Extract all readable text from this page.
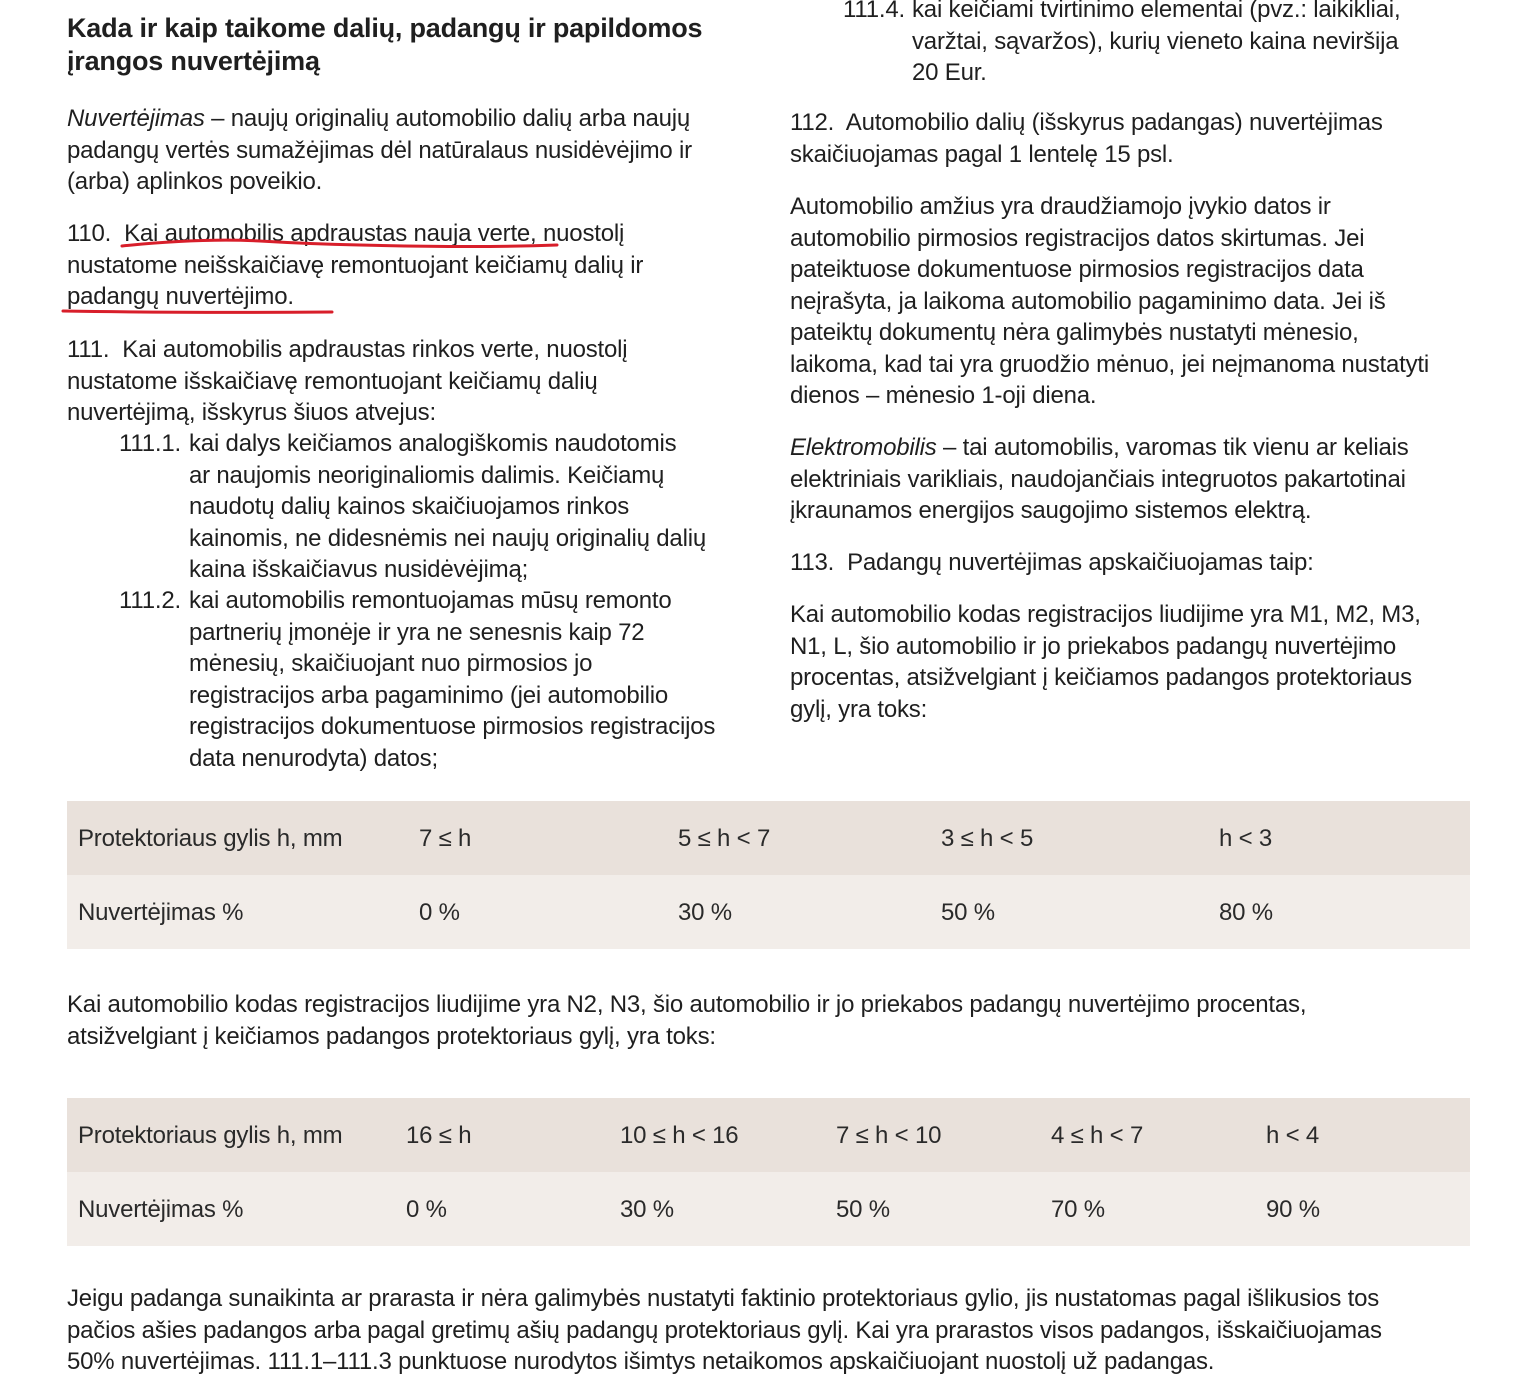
Kada ir kaip taikome dalių, padangų ir papildomos
įrangos nuvertėjimą
Nuvertėjimas – naujų originalių automobilio dalių arba naujų
padangų vertės sumažėjimas dėl natūralaus nusidėvėjimo ir
(arba) aplinkos poveikio.
110. Kai automobilis apdraustas nauja verte, nuostolį
nustatome neišskaičiavę remontuojant keičiamų dalių ir
padangų nuvertėjimo.
111. Kai automobilis apdraustas rinkos verte, nuostolį
nustatome išskaičiavę remontuojant keičiamų dalių
nuvertėjimą, išskyrus šiuos atvejus:
111.1. kai dalys keičiamos analogiškomis naudotomis
ar naujomis neoriginaliomis dalimis. Keičiamų
naudotų dalių kainos skaičiuojamos rinkos
kainomis, ne didesnėmis nei naujų originalių dalių
kaina išskaičiavus nusidėvėjimą;
111.2. kai automobilis remontuojamas mūsų remonto
partnerių įmonėje ir yra ne senesnis kaip 72
mėnesių, skaičiuojant nuo pirmosios jo
registracijos arba pagaminimo (jei automobilio
registracijos dokumentuose pirmosios registracijos
data nenurodyta) datos;
111.4. kai keičiami tvirtinimo elementai (pvz.: laikikliai,
varžtai, sąvaržos), kurių vieneto kaina neviršija
20 Eur.
112. Automobilio dalių (išskyrus padangas) nuvertėjimas
skaičiuojamas pagal 1 lentelę 15 psl.
Automobilio amžius yra draudžiamojo įvykio datos ir
automobilio pirmosios registracijos datos skirtumas. Jei
pateiktuose dokumentuose pirmosios registracijos data
neįrašyta, ja laikoma automobilio pagaminimo data. Jei iš
pateiktų dokumentų nėra galimybės nustatyti mėnesio,
laikoma, kad tai yra gruodžio mėnuo, jei neįmanoma nustatyti
dienos – mėnesio 1-oji diena.
Elektromobilis – tai automobilis, varomas tik vienu ar keliais
elektriniais varikliais, naudojančiais integruotos pakartotinai
įkraunamos energijos saugojimo sistemos elektrą.
113. Padangų nuvertėjimas apskaičiuojamas taip:
Kai automobilio kodas registracijos liudijime yra M1, M2, M3,
N1, L, šio automobilio ir jo priekabos padangų nuvertėjimo
procentas, atsižvelgiant į keičiamos padangos protektoriaus
gylį, yra toks:
Protektoriaus gylis h, mm	7 ≤ h	5 ≤ h < 7	3 ≤ h < 5	h < 3
Nuvertėjimas %	0 %	30 %	50 %	80 %
Kai automobilio kodas registracijos liudijime yra N2, N3, šio automobilio ir jo priekabos padangų nuvertėjimo procentas,
atsižvelgiant į keičiamos padangos protektoriaus gylį, yra toks:
Protektoriaus gylis h, mm	16 ≤ h	10 ≤ h < 16	7 ≤ h < 10	4 ≤ h < 7	h < 4
Nuvertėjimas %	0 %	30 %	50 %	70 %	90 %
Jeigu padanga sunaikinta ar prarasta ir nėra galimybės nustatyti faktinio protektoriaus gylio, jis nustatomas pagal išlikusios tos
pačios ašies padangos arba pagal gretimų ašių padangų protektoriaus gylį. Kai yra prarastos visos padangos, išskaičiuojamas
50% nuvertėjimas. 111.1–111.3 punktuose nurodytos išimtys netaikomos apskaičiuojant nuostolį už padangas.
